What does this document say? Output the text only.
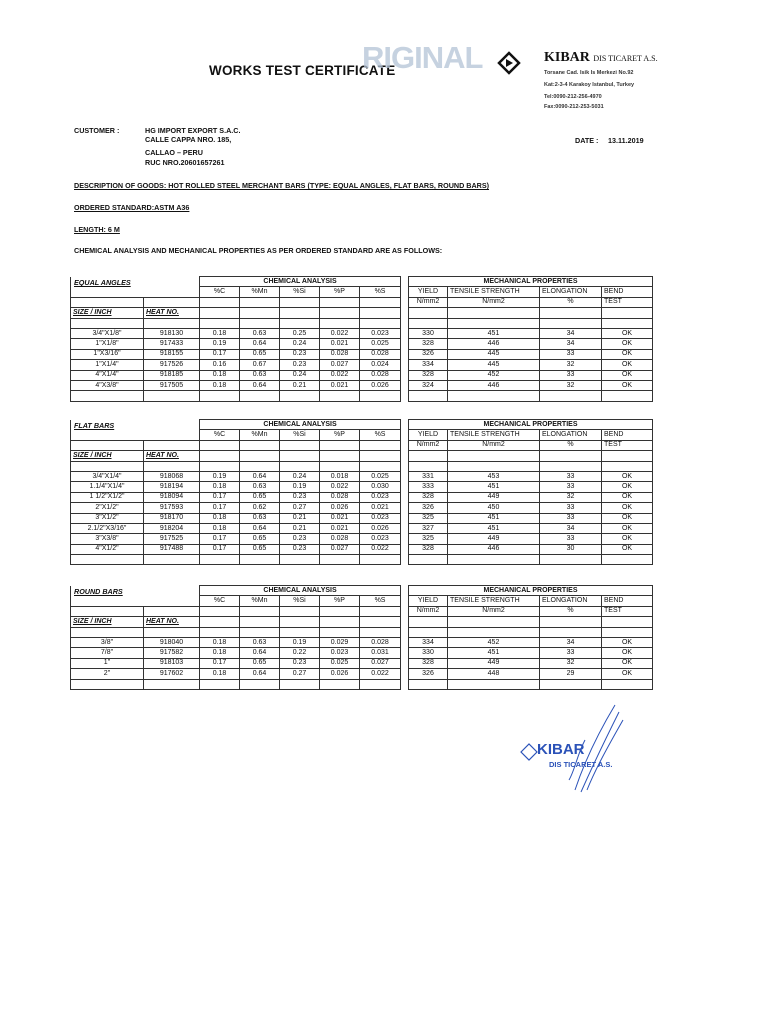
WORKS TEST CERTIFICATE
RIGINAL	KIBAR DIS TICARET A.S.
Torsane Cad. Isik Is Merkezi No.92
Kat:2-3-4 Karakoy Istanbul, Turkey
Tel:0090-212-256-4970
Fax:0090-212-253-5031
CUSTOMER :	HG IMPORT EXPORT S.A.C.
CALLE CAPPA NRO. 185,
CALLAO – PERU
RUC NRO.20601657261
DATE : 13.11.2019
DESCRIPTION OF GOODS: HOT ROLLED STEEL MERCHANT BARS (TYPE: EQUAL ANGLES, FLAT BARS, ROUND BARS)
ORDERED STANDARD:ASTM A36
LENGTH: 6 M
CHEMICAL ANALYSIS AND MECHANICAL PROPERTIES AS PER ORDERED STANDARD ARE AS FOLLOWS:
EQUAL ANGLES
FLAT BARS
ROUND BARS
		CHEMICAL ANALYSIS				
		%C	%Mn	%Si	%P	%S

SIZE / INCH	HEAT NO.					

3/4"X1/8"	918130	0.18	0.63	0.25	0.022	0.023
1"X1/8"	917433	0.19	0.64	0.24	0.021	0.025
1"X3/16"	918155	0.17	0.65	0.23	0.028	0.028
1"X1/4"	917526	0.16	0.67	0.23	0.027	0.024
4"X1/4"	918185	0.18	0.63	0.24	0.022	0.028
4"X3/8"	917505	0.18	0.64	0.21	0.021	0.026

MECHANICAL PROPERTIES			
YIELD	TENSILE STRENGTH	ELONGATION	BEND
N/mm2	N/mm2	%	TEST

330	451	34	OK
328	446	34	OK
326	445	33	OK
334	445	32	OK
328	452	33	OK
324	446	32	OK

		CHEMICAL ANALYSIS				
		%C	%Mn	%Si	%P	%S

SIZE / INCH	HEAT NO.					

3/4"X1/4"	918068	0.19	0.64	0.24	0.018	0.025
1.1/4"X1/4"	918194	0.18	0.63	0.19	0.022	0.030
1 1/2"X1/2"	918094	0.17	0.65	0.23	0.028	0.023
2"X1/2"	917593	0.17	0.62	0.27	0.026	0.021
3"X1/2"	918170	0.18	0.63	0.21	0.021	0.023
2.1/2"X3/16"	918204	0.18	0.64	0.21	0.021	0.026
3"X3/8"	917525	0.17	0.65	0.23	0.028	0.023
4"X1/2"	917488	0.17	0.65	0.23	0.027	0.022

MECHANICAL PROPERTIES			
YIELD	TENSILE STRENGTH	ELONGATION	BEND
N/mm2	N/mm2	%	TEST

331	453	33	OK
333	451	33	OK
328	449	32	OK
326	450	33	OK
325	451	33	OK
327	451	34	OK
325	449	33	OK
328	446	30	OK

		CHEMICAL ANALYSIS				
		%C	%Mn	%Si	%P	%S

SIZE / INCH	HEAT NO.					

3/8"	918040	0.18	0.63	0.19	0.029	0.028
7/8"	917582	0.18	0.64	0.22	0.023	0.031
1"	918103	0.17	0.65	0.23	0.025	0.027
2"	917602	0.18	0.64	0.27	0.026	0.022

MECHANICAL PROPERTIES			
YIELD	TENSILE STRENGTH	ELONGATION	BEND
N/mm2	N/mm2	%	TEST

334	452	34	OK
330	451	33	OK
328	449	32	OK
326	448	29	OK

KIBAR
DIS TICARET A.S.
